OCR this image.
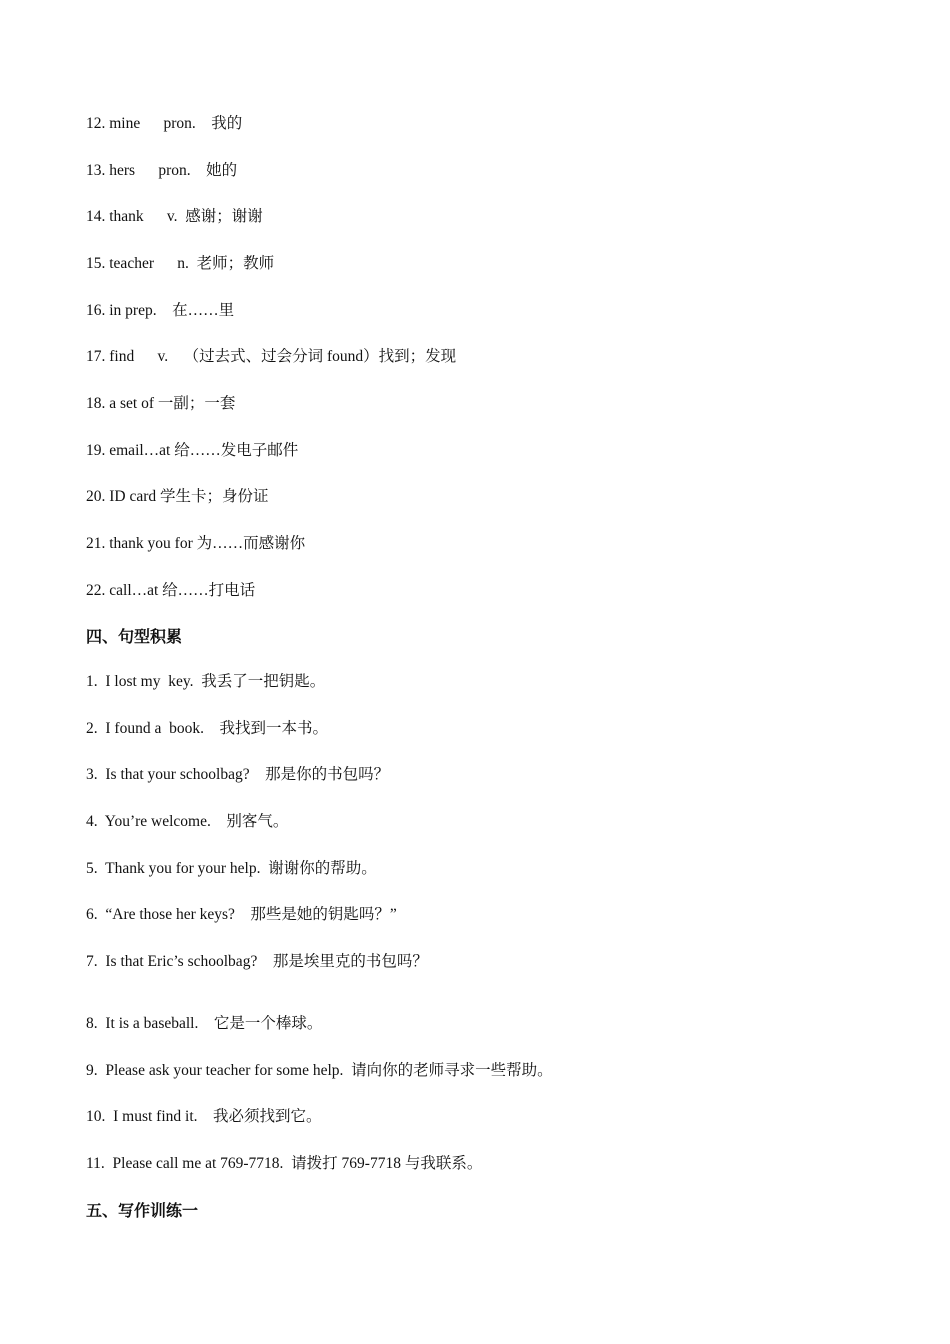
12. mine      pron.    我的
13. hers      pron.    她的
14. thank      v.  感谢；谢谢
15. teacher      n.  老师；教师
16. in prep.    在……里
17. find      v.    （过去式、过会分词 found）找到；发现
18. a set of 一副；一套
19. email…at 给……发电子邮件
20. ID card 学生卡；身份证
21. thank you for 为……而感谢你
22. call…at 给……打电话
四、句型积累
1.  I lost my  key.  我丢了一把钥匙。
2.  I found a  book.    我找到一本书。
3.  Is that your schoolbag?    那是你的书包吗？
4.  You’re welcome.    别客气。
5.  Thank you for your help.  谢谢你的帮助。
6.  “Are those her keys?    那些是她的钥匙吗？”
7.  Is that Eric’s schoolbag?    那是埃里克的书包吗？
8.  It is a baseball.    它是一个棒球。
9.  Please ask your teacher for some help.  请向你的老师寻求一些帮助。
10.  I must find it.    我必须找到它。
11.  Please call me at 769-7718.  请拨打 769-7718 与我联系。
五、写作训练一
